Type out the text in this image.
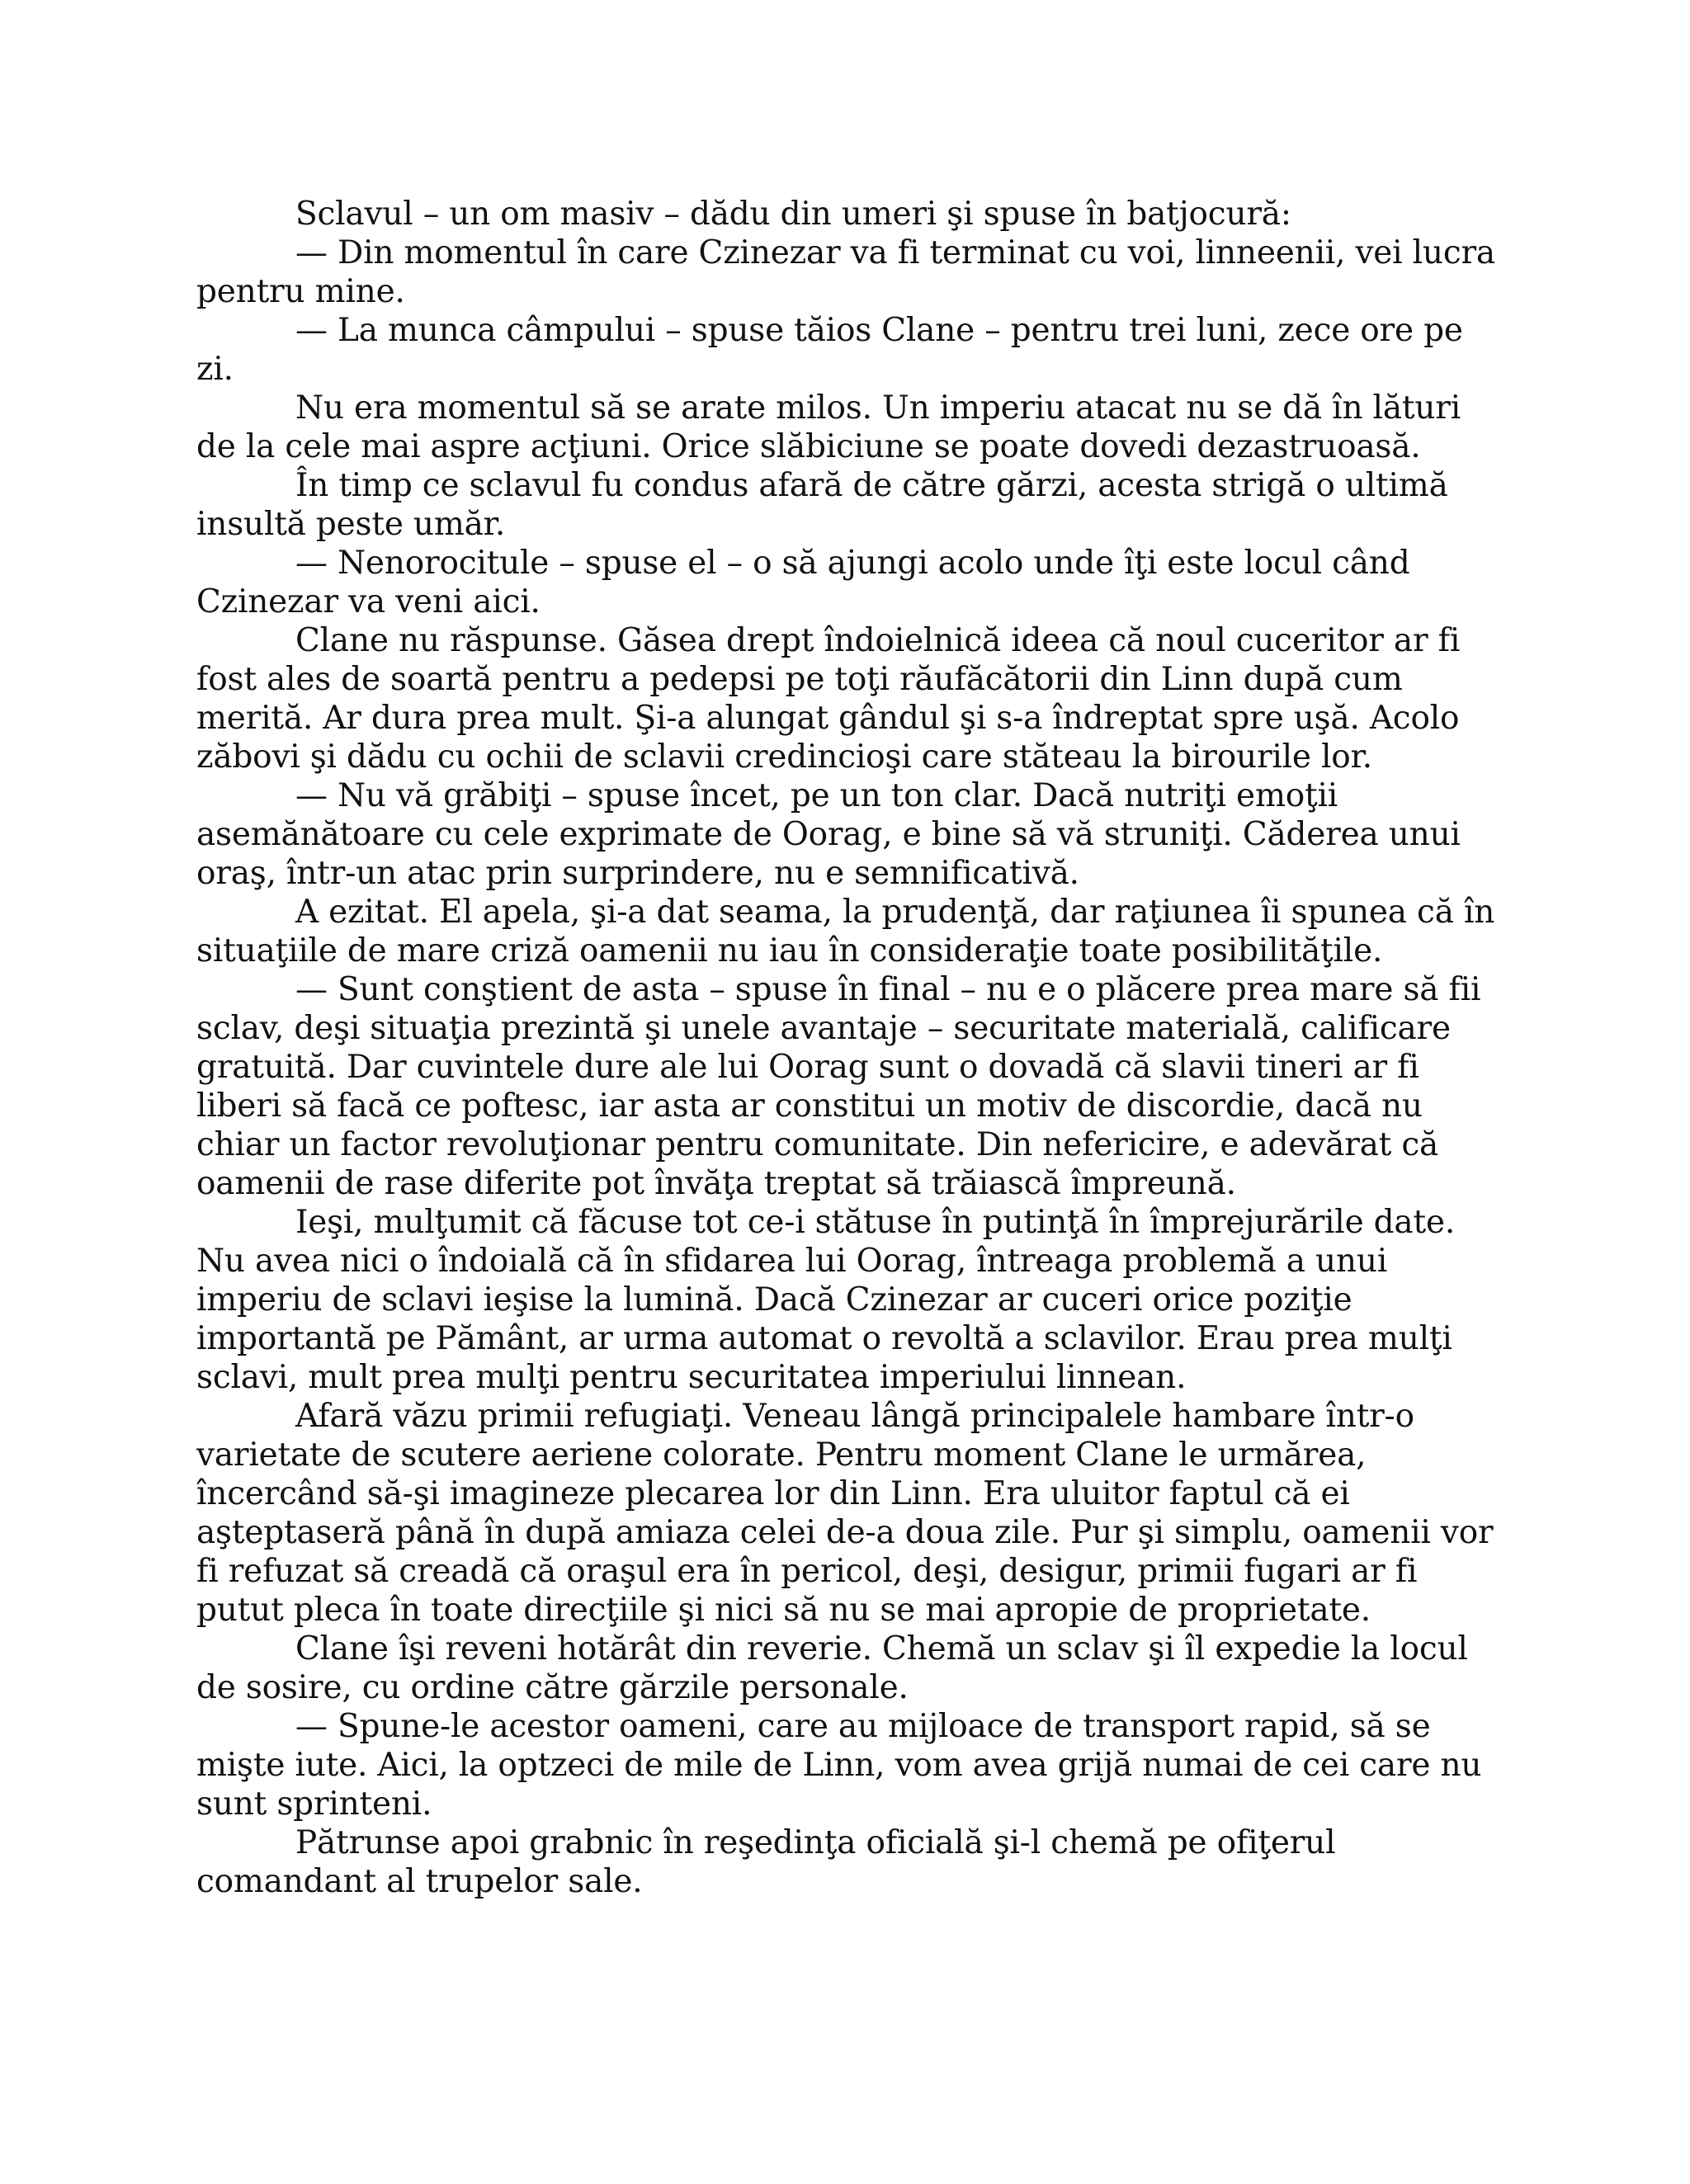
Sclavul – un om masiv – dădu din umeri şi spuse în batjocură:

— Din momentul în care Czinezar va fi terminat cu voi, linneenii, vei lucra pentru mine.

— La munca câmpului – spuse tăios Clane – pentru trei luni, zece ore pe zi.

Nu era momentul să se arate milos. Un imperiu atacat nu se dă în lături de la cele mai aspre acţiuni. Orice slăbiciune se poate dovedi dezastruoasă.

În timp ce sclavul fu condus afară de către gărzi, acesta strigă o ultimă insultă peste umăr.

— Nenorocitule – spuse el – o să ajungi acolo unde îţi este locul când Czinezar va veni aici.

Clane nu răspunse. Găsea drept îndoielnică ideea că noul cuceritor ar fi fost ales de soartă pentru a pedepsi pe toţi răufăcătorii din Linn după cum merită. Ar dura prea mult. Şi-a alungat gândul şi s-a îndreptat spre uşă. Acolo zăbovi şi dădu cu ochii de sclavii credincioşi care stăteau la birourile lor.

— Nu vă grăbiţi – spuse încet, pe un ton clar. Dacă nutriţi emoţii asemănătoare cu cele exprimate de Oorag, e bine să vă struniţi. Căderea unui oraş, într-un atac prin surprindere, nu e semnificativă.

A ezitat. El apela, şi-a dat seama, la prudenţă, dar raţiunea îi spunea că în situaţiile de mare criză oamenii nu iau în consideraţie toate posibilităţile.

— Sunt conştient de asta – spuse în final – nu e o plăcere prea mare să fii sclav, deşi situaţia prezintă şi unele avantaje – securitate materială, calificare gratuită. Dar cuvintele dure ale lui Oorag sunt o dovadă că slavii tineri ar fi liberi să facă ce poftesc, iar asta ar constitui un motiv de discordie, dacă nu chiar un factor revoluţionar pentru comunitate. Din nefericire, e adevărat că oamenii de rase diferite pot învăţa treptat să trăiască împreună.

Ieşi, mulţumit că făcuse tot ce-i stătuse în putinţă în împrejurările date. Nu avea nici o îndoială că în sfidarea lui Oorag, întreaga problemă a unui imperiu de sclavi ieşise la lumină. Dacă Czinezar ar cuceri orice poziţie importantă pe Pământ, ar urma automat o revoltă a sclavilor. Erau prea mulţi sclavi, mult prea mulţi pentru securitatea imperiului linnean.

Afară văzu primii refugiaţi. Veneau lângă principalele hambare într-o varietate de scutere aeriene colorate. Pentru moment Clane le urmărea, încercând să-şi imagineze plecarea lor din Linn. Era uluitor faptul că ei aşteptaseră până în după amiaza celei de-a doua zile. Pur şi simplu, oamenii vor fi refuzat să creadă că oraşul era în pericol, deşi, desigur, primii fugari ar fi putut pleca în toate direcţiile şi nici să nu se mai apropie de proprietate.

Clane îşi reveni hotărât din reverie. Chemă un sclav şi îl expedie la locul de sosire, cu ordine către gărzile personale.

— Spune-le acestor oameni, care au mijloace de transport rapid, să se mişte iute. Aici, la optzeci de mile de Linn, vom avea grijă numai de cei care nu sunt sprinteni.

Pătrunse apoi grabnic în reşedinţa oficială şi-l chemă pe ofiţerul comandant al trupelor sale.
